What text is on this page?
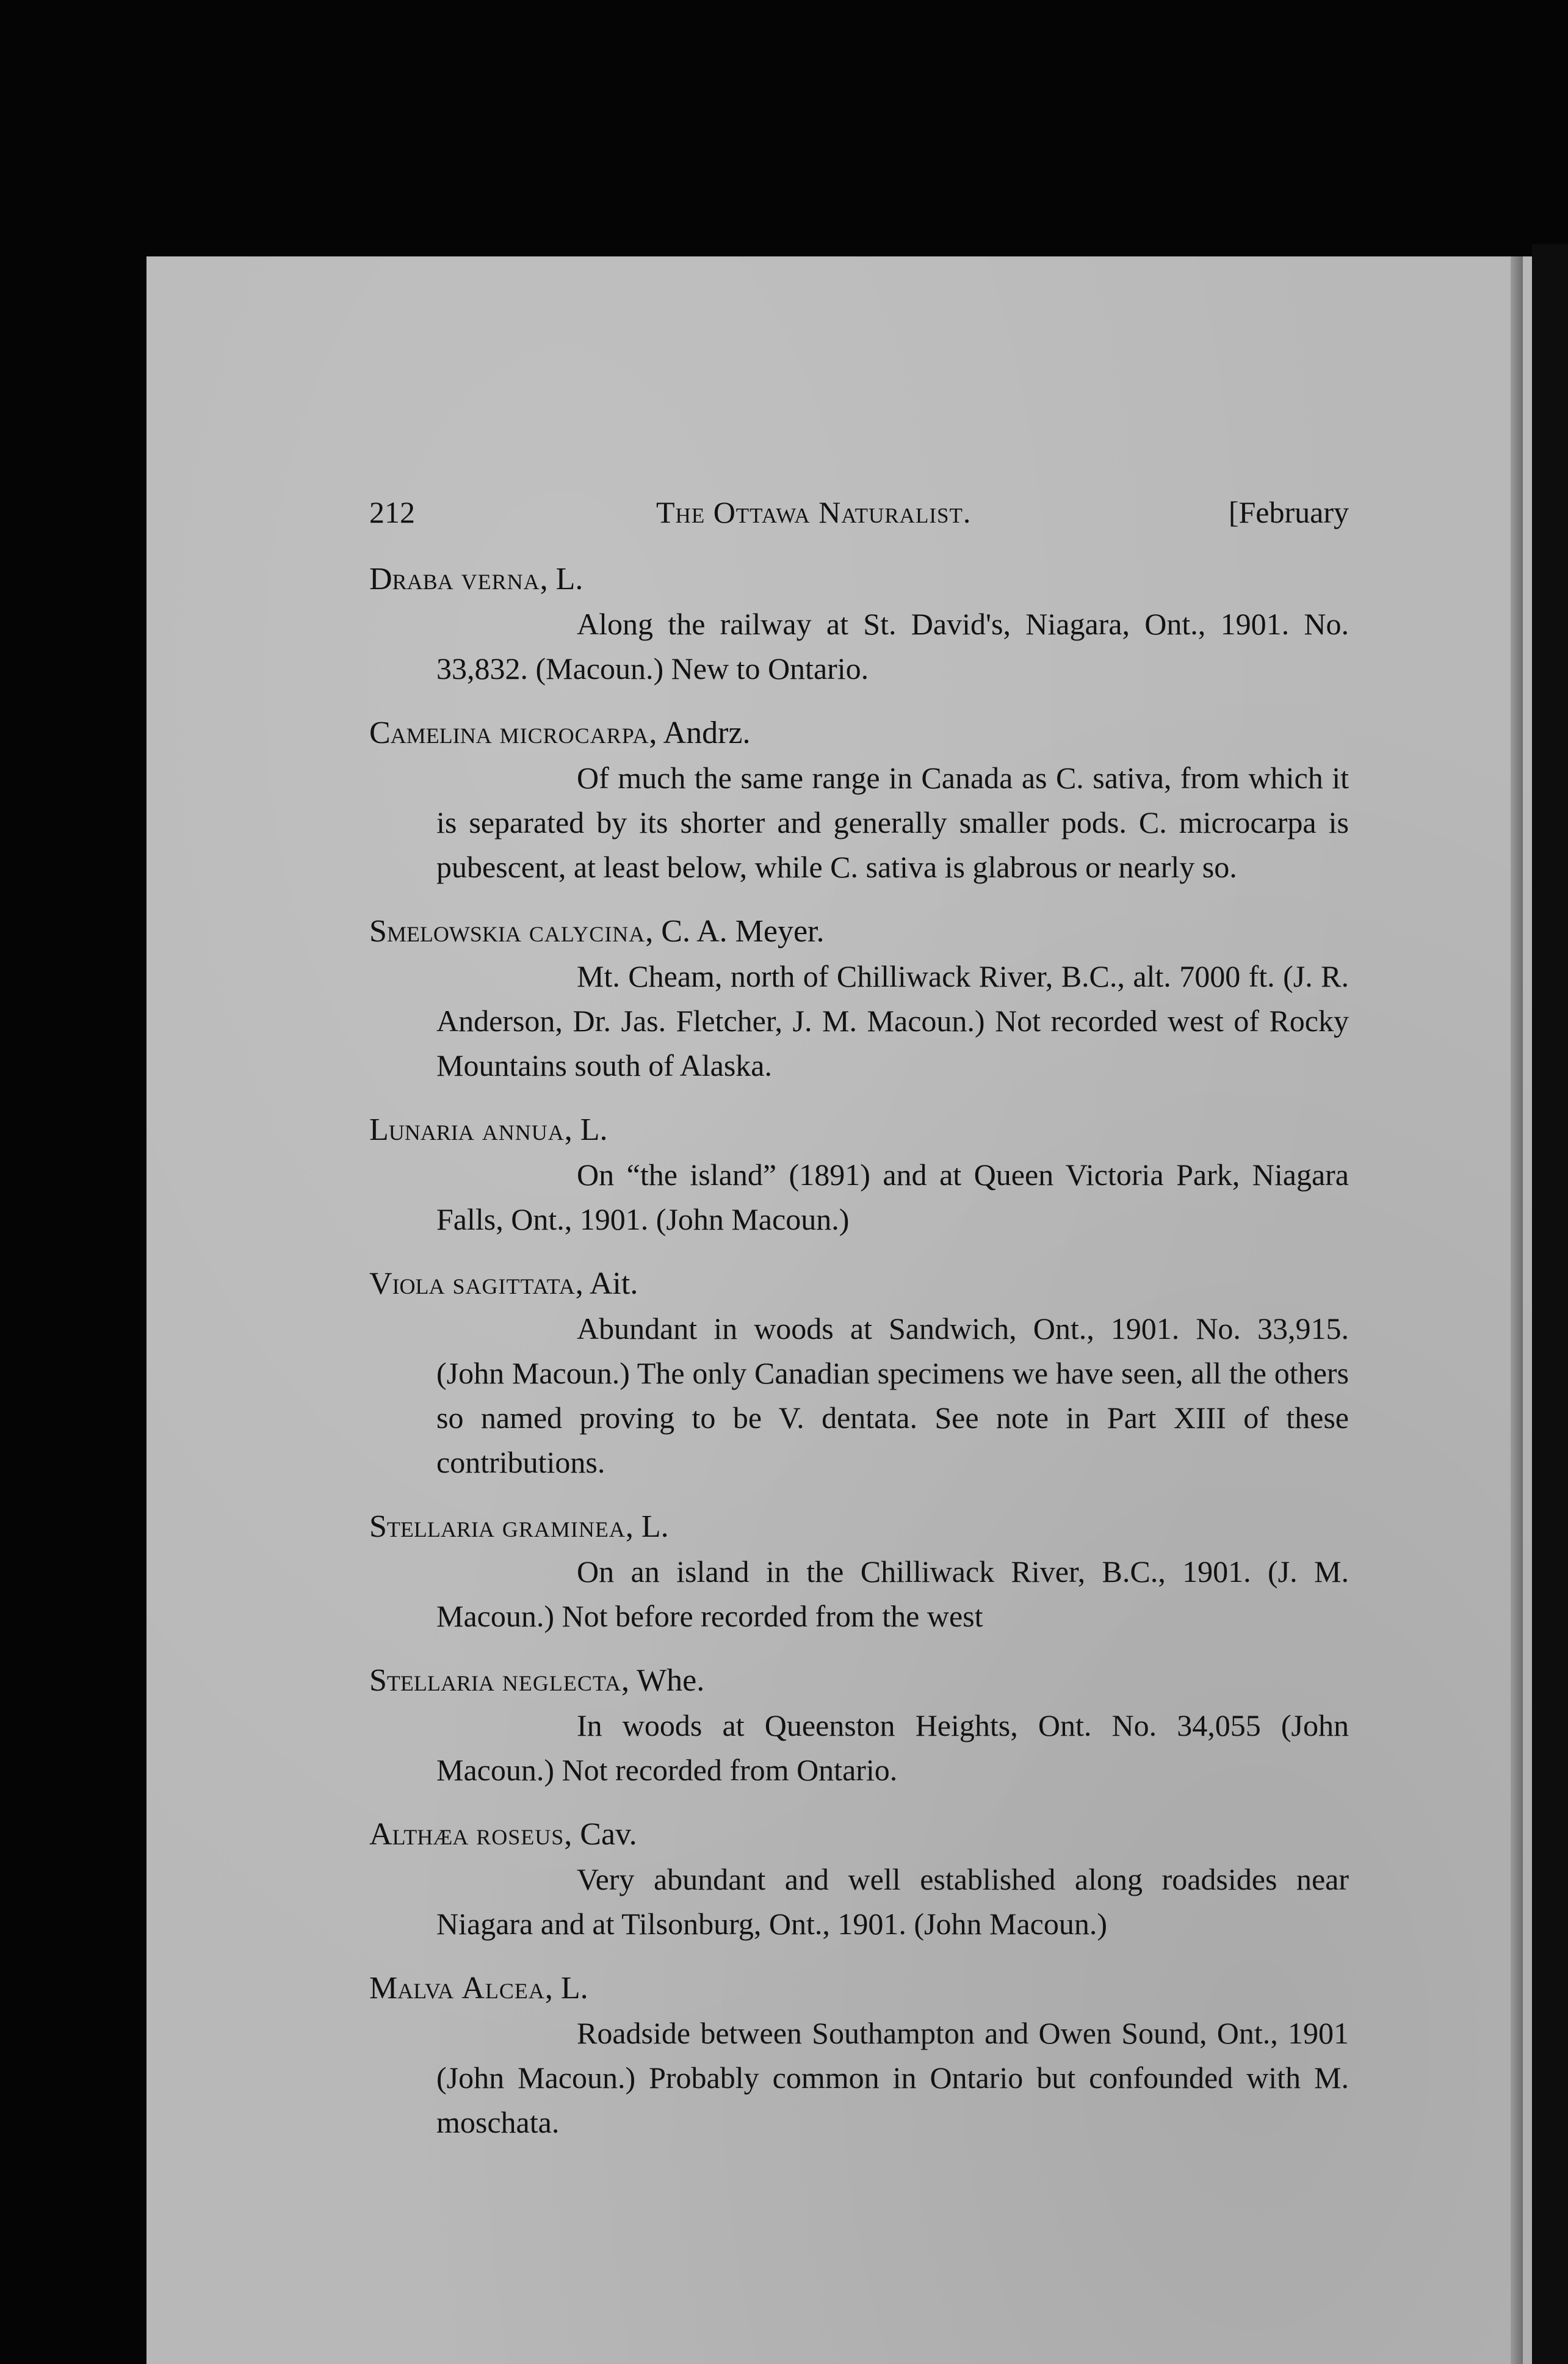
212	The Ottawa Naturalist.	[February

Draba verna, L.

Along the railway at St. David's, Niagara, Ont., 1901. No. 33,832. (Macoun.) New to Ontario.

Camelina microcarpa, Andrz.

Of much the same range in Canada as C. sativa, from which it is separated by its shorter and generally smaller pods. C. microcarpa is pubescent, at least below, while C. sativa is glabrous or nearly so.

Smelowskia calycina, C. A. Meyer.

Mt. Cheam, north of Chilliwack River, B.C., alt. 7000 ft. (J. R. Anderson, Dr. Jas. Fletcher, J. M. Macoun.) Not recorded west of Rocky Mountains south of Alaska.

Lunaria annua, L.

On “the island” (1891) and at Queen Victoria Park, Niagara Falls, Ont., 1901. (John Macoun.)

Viola sagittata, Ait.

Abundant in woods at Sandwich, Ont., 1901. No. 33,915. (John Macoun.) The only Canadian specimens we have seen, all the others so named proving to be V. dentata. See note in Part XIII of these contributions.

Stellaria graminea, L.

On an island in the Chilliwack River, B.C., 1901. (J. M. Macoun.) Not before recorded from the west

Stellaria neglecta, Whe.

In woods at Queenston Heights, Ont. No. 34,055 (John Macoun.) Not recorded from Ontario.

Althæa roseus, Cav.

Very abundant and well established along roadsides near Niagara and at Tilsonburg, Ont., 1901. (John Macoun.)

Malva Alcea, L.

Roadside between Southampton and Owen Sound, Ont., 1901 (John Macoun.) Probably common in Ontario but confounded with M. moschata.
